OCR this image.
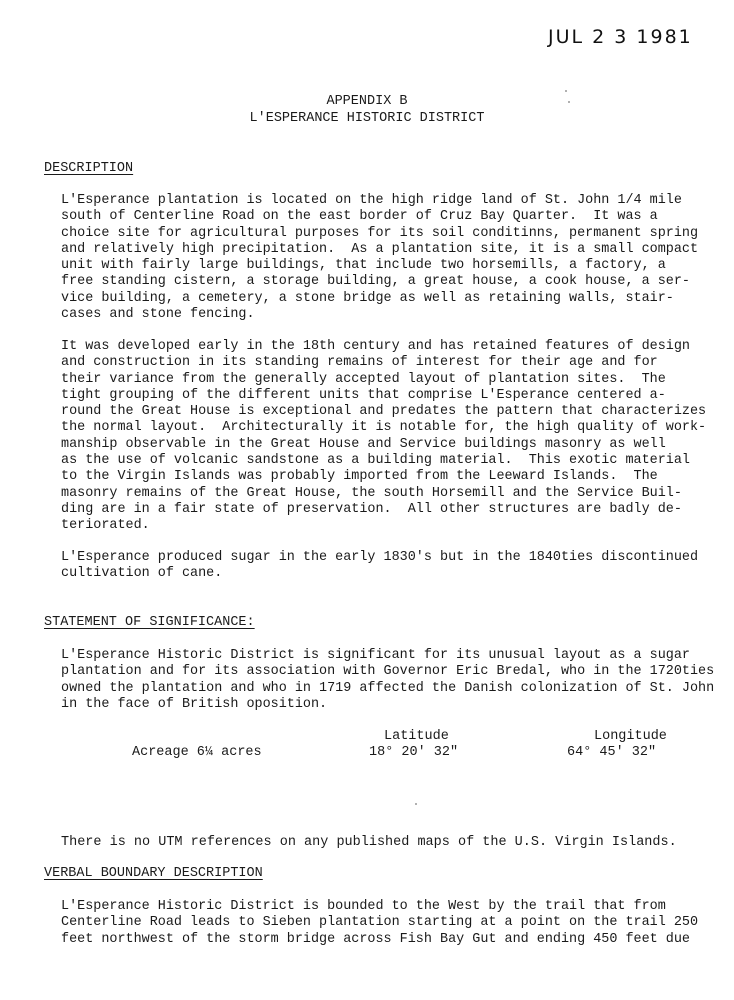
JUL 2 3 1981
APPENDIX B
L'ESPERANCE HISTORIC DISTRICT
DESCRIPTION
L'Esperance plantation is located on the high ridge land of St. John 1/4 mile
south of Centerline Road on the east border of Cruz Bay Quarter.  It was a
choice site for agricultural purposes for its soil conditinns, permanent spring
and relatively high precipitation.  As a plantation site, it is a small compact
unit with fairly large buildings, that include two horsemills, a factory, a
free standing cistern, a storage building, a great house, a cook house, a ser-
vice building, a cemetery, a stone bridge as well as retaining walls, stair-
cases and stone fencing.
It was developed early in the 18th century and has retained features of design
and construction in its standing remains of interest for their age and for
their variance from the generally accepted layout of plantation sites.  The
tight grouping of the different units that comprise L'Esperance centered a-
round the Great House is exceptional and predates the pattern that characterizes
the normal layout.  Architecturally it is notable for, the high quality of work-
manship observable in the Great House and Service buildings masonry as well
as the use of volcanic sandstone as a building material.  This exotic material
to the Virgin Islands was probably imported from the Leeward Islands.  The
masonry remains of the Great House, the south Horsemill and the Service Buil-
ding are in a fair state of preservation.  All other structures are badly de-
teriorated.
L'Esperance produced sugar in the early 1830's but in the 1840ties discontinued
cultivation of cane.
STATEMENT OF SIGNIFICANCE:
L'Esperance Historic District is significant for its unusual layout as a sugar
plantation and for its association with Governor Eric Bredal, who in the 1720ties
owned the plantation and who in 1719 affected the Danish colonization of St. John
in the face of British oposition.
Acreage 6¼ acres
Latitude
18° 20' 32"
Longitude
64° 45' 32"
There is no UTM references on any published maps of the U.S. Virgin Islands.
VERBAL BOUNDARY DESCRIPTION
L'Esperance Historic District is bounded to the West by the trail that from
Centerline Road leads to Sieben plantation starting at a point on the trail 250
feet northwest of the storm bridge across Fish Bay Gut and ending 450 feet due
